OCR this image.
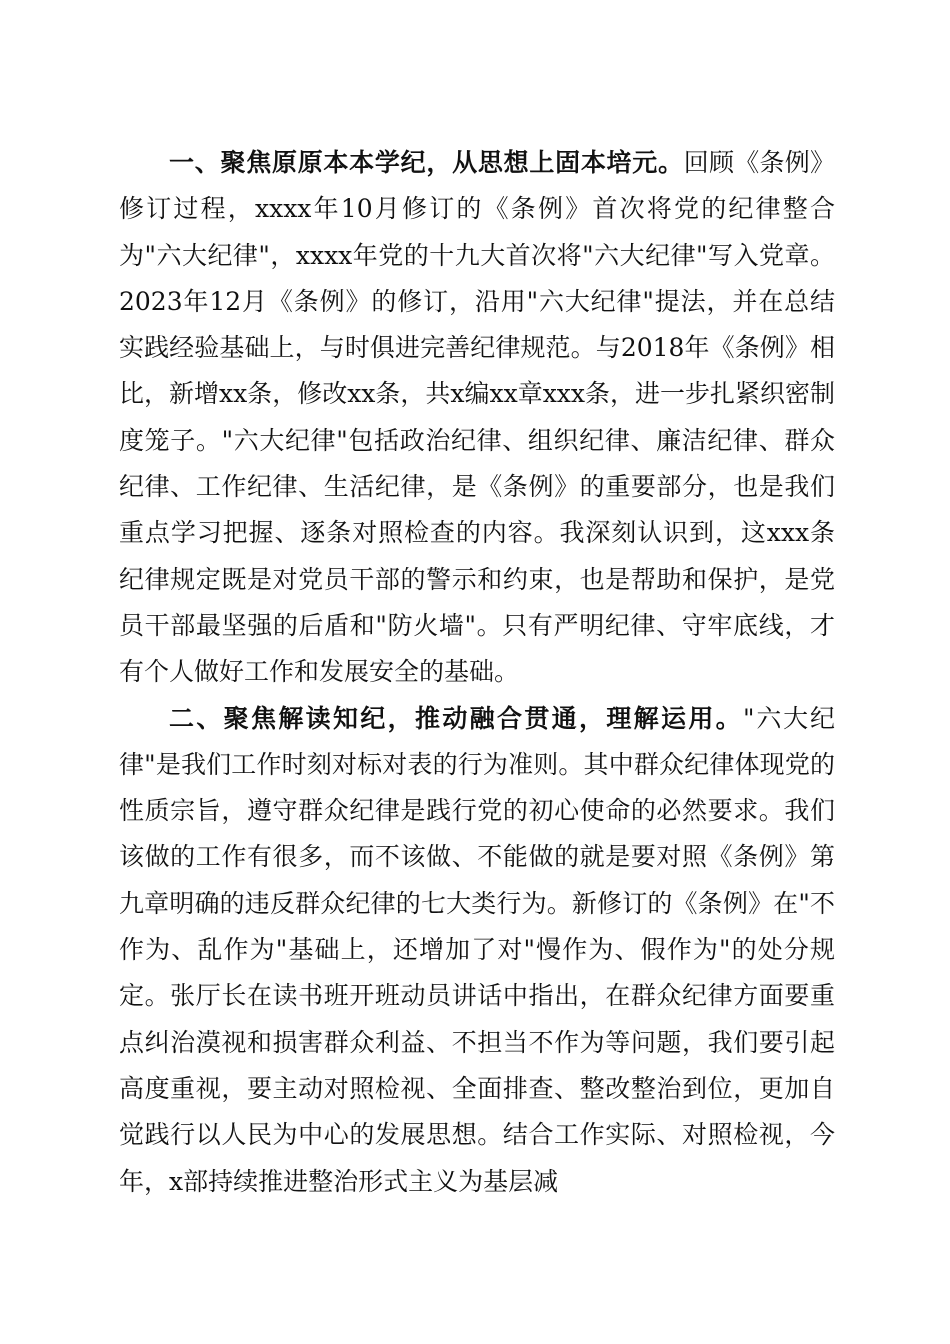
一、聚焦原原本本学纪，从思想上固本培元。回顾《条例》修订过程，xxxx年10月修订的《条例》首次将党的纪律整合为"六大纪律"，xxxx年党的十九大首次将"六大纪律"写入党章。2023年12月《条例》的修订，沿用"六大纪律"提法，并在总结实践经验基础上，与时俱进完善纪律规范。与2018年《条例》相比，新增xx条，修改xx条，共x编xx章xxx条，进一步扎紧织密制度笼子。"六大纪律"包括政治纪律、组织纪律、廉洁纪律、群众纪律、工作纪律、生活纪律，是《条例》的重要部分，也是我们重点学习把握、逐条对照检查的内容。我深刻认识到，这xxx条纪律规定既是对党员干部的警示和约束，也是帮助和保护，是党员干部最坚强的后盾和"防火墙"。只有严明纪律、守牢底线，才有个人做好工作和发展安全的基础。

二、聚焦解读知纪，推动融合贯通，理解运用。"六大纪律"是我们工作时刻对标对表的行为准则。其中群众纪律体现党的性质宗旨，遵守群众纪律是践行党的初心使命的必然要求。我们该做的工作有很多，而不该做、不能做的就是要对照《条例》第九章明确的违反群众纪律的七大类行为。新修订的《条例》在"不作为、乱作为"基础上，还增加了对"慢作为、假作为"的处分规定。张厅长在读书班开班动员讲话中指出，在群众纪律方面要重点纠治漠视和损害群众利益、不担当不作为等问题，我们要引起高度重视，要主动对照检视、全面排查、整改整治到位，更加自觉践行以人民为中心的发展思想。结合工作实际、对照检视，今年，x部持续推进整治形式主义为基层减
